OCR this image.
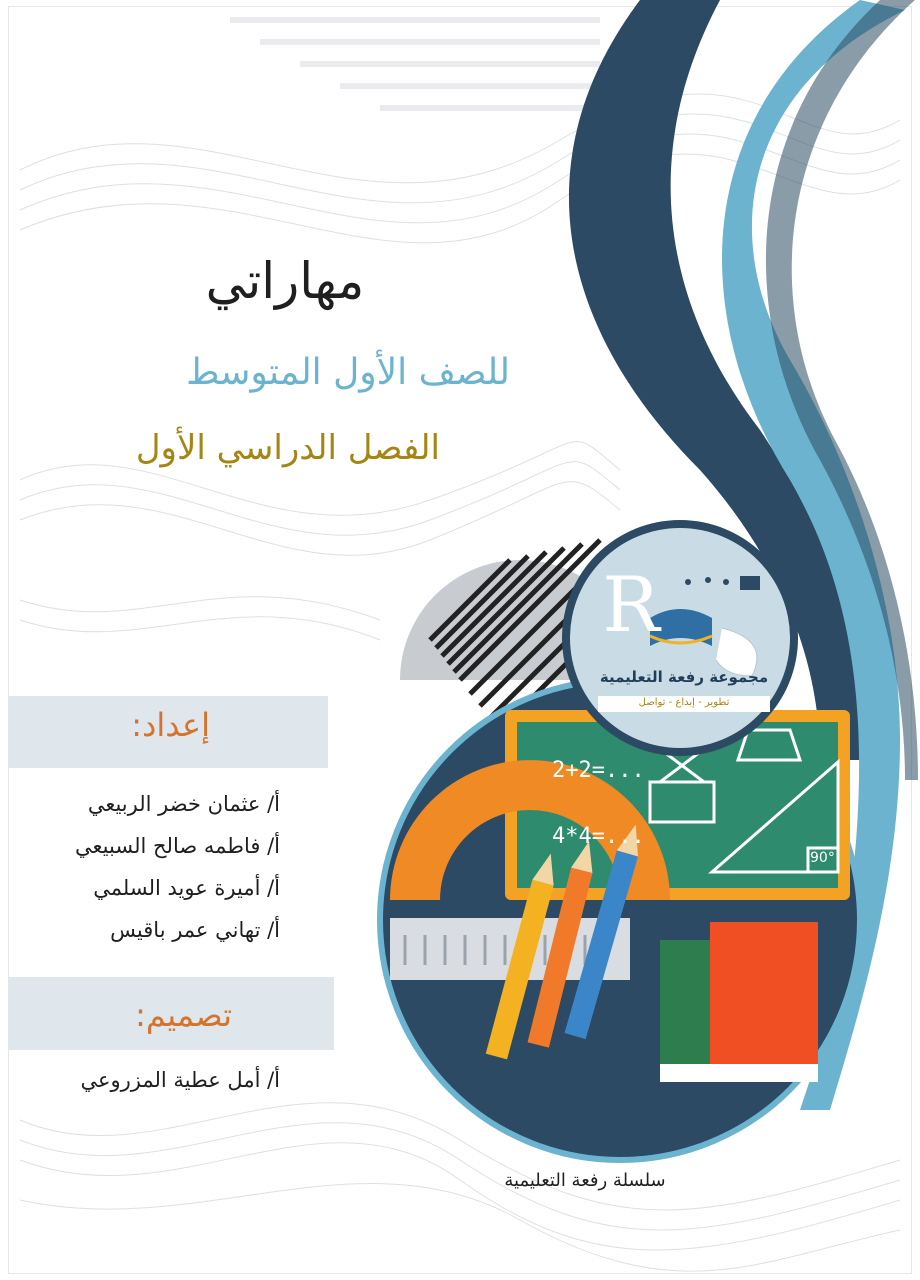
مهاراتي
للصف الأول المتوسط
الفصل الدراسي الأول
إعداد:
أ/ عثمان خضر الربيعي
أ/ فاطمه صالح السبيعي
أ/ أميرة عويد السلمي
أ/ تهاني عمر باقيس
تصميم:
أ/ أمل عطية المزروعي
2+2=...
4*4=...
90°
R
مجموعة رفعة التعليمية
تطوير - إبداع - تواصل
سلسلة رفعة التعليمية
